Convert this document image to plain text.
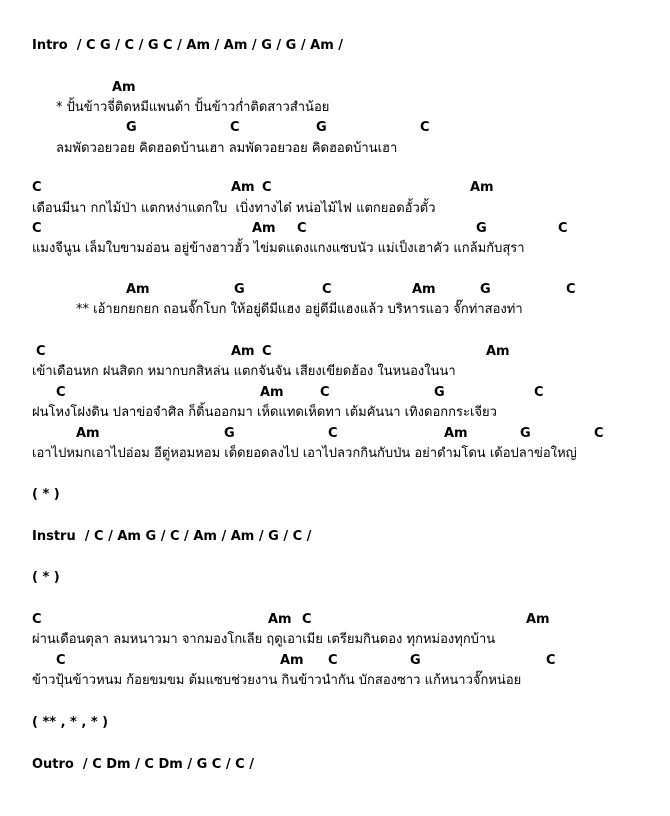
Intro  / C G / C / G C / Am / Am / G / G / Am /
Am
* ปั้นข้าวจี่ติดหมีแพนด้า ปั้นข้าวก่ำติดสาวสำน้อย
G	C	G	C
ลมพัดวอยวอย คิดฮอดบ้านเฮา ลมพัดวอยวอย คิดฮอดบ้านเฮา
C	Am C	Am
เดือนมีนา กกไม้ป่า แตกหง่าแตกใบ  เบิ่งทางได๋ หน่อไม้ไฟ แตกยอดอั้วตั้ว
C	Am C	G	C
แมงจีนูน เล็มใบขามอ่อน อยู่ข้างฮาวฮั้ว ไข่มดแดงแกงแซบนัว แม่เป็งเฮาคัว แกล้มกับสุรา
Am	G	C	Am	G	C
** เอ้ายกยกยก ถอนจั๊กโบก ให้อยู่ดีมีแฮง อยู่ดีมีแฮงแล้ว บริหารแอว จั๊กท่าสองท่า
C	Am C	Am
เข้าเดือนหก ฝนสิตก หมากบกสิหล่น แตกจันจัน เสียงเขียดฮ้อง ในหนองในนา
C	Am	C	G	C
ฝนโหงโฝงดิน ปลาข่อจำศิล ก็ดิ้นออกมา เห็ดแทดเห็ดทา เต้มคันนา เทิงดอกกระเจียว
Am	G	C	Am	G	C
เอาไปหมกเอาไปอ่อม อีตู่หอมหอม เด็ดยอดลงไป เอาไปลวกกินกับป่น อย่าดำมโดน เด้อปลาข่อใหญ่
( * )
Instru  / C / Am G / C / Am / Am / G / C /
( * )
C	Am C	Am
ผ่านเดือนตุลา ลมหนาวมา จากมองโกเลีย ฤดูเอาเมีย เตรียมกินดอง ทุกหม่องทุกบ้าน
C	Am C	G	C
ข้าวปุ้นข้าวหนม ก้อยขมขม ต้มแซบช่วยงาน กินข้าวนำกัน บักสองซาว แก้หนาวจั๊กหน่อย
( ** , * , * )
Outro  / C Dm / C Dm / G C / C /
